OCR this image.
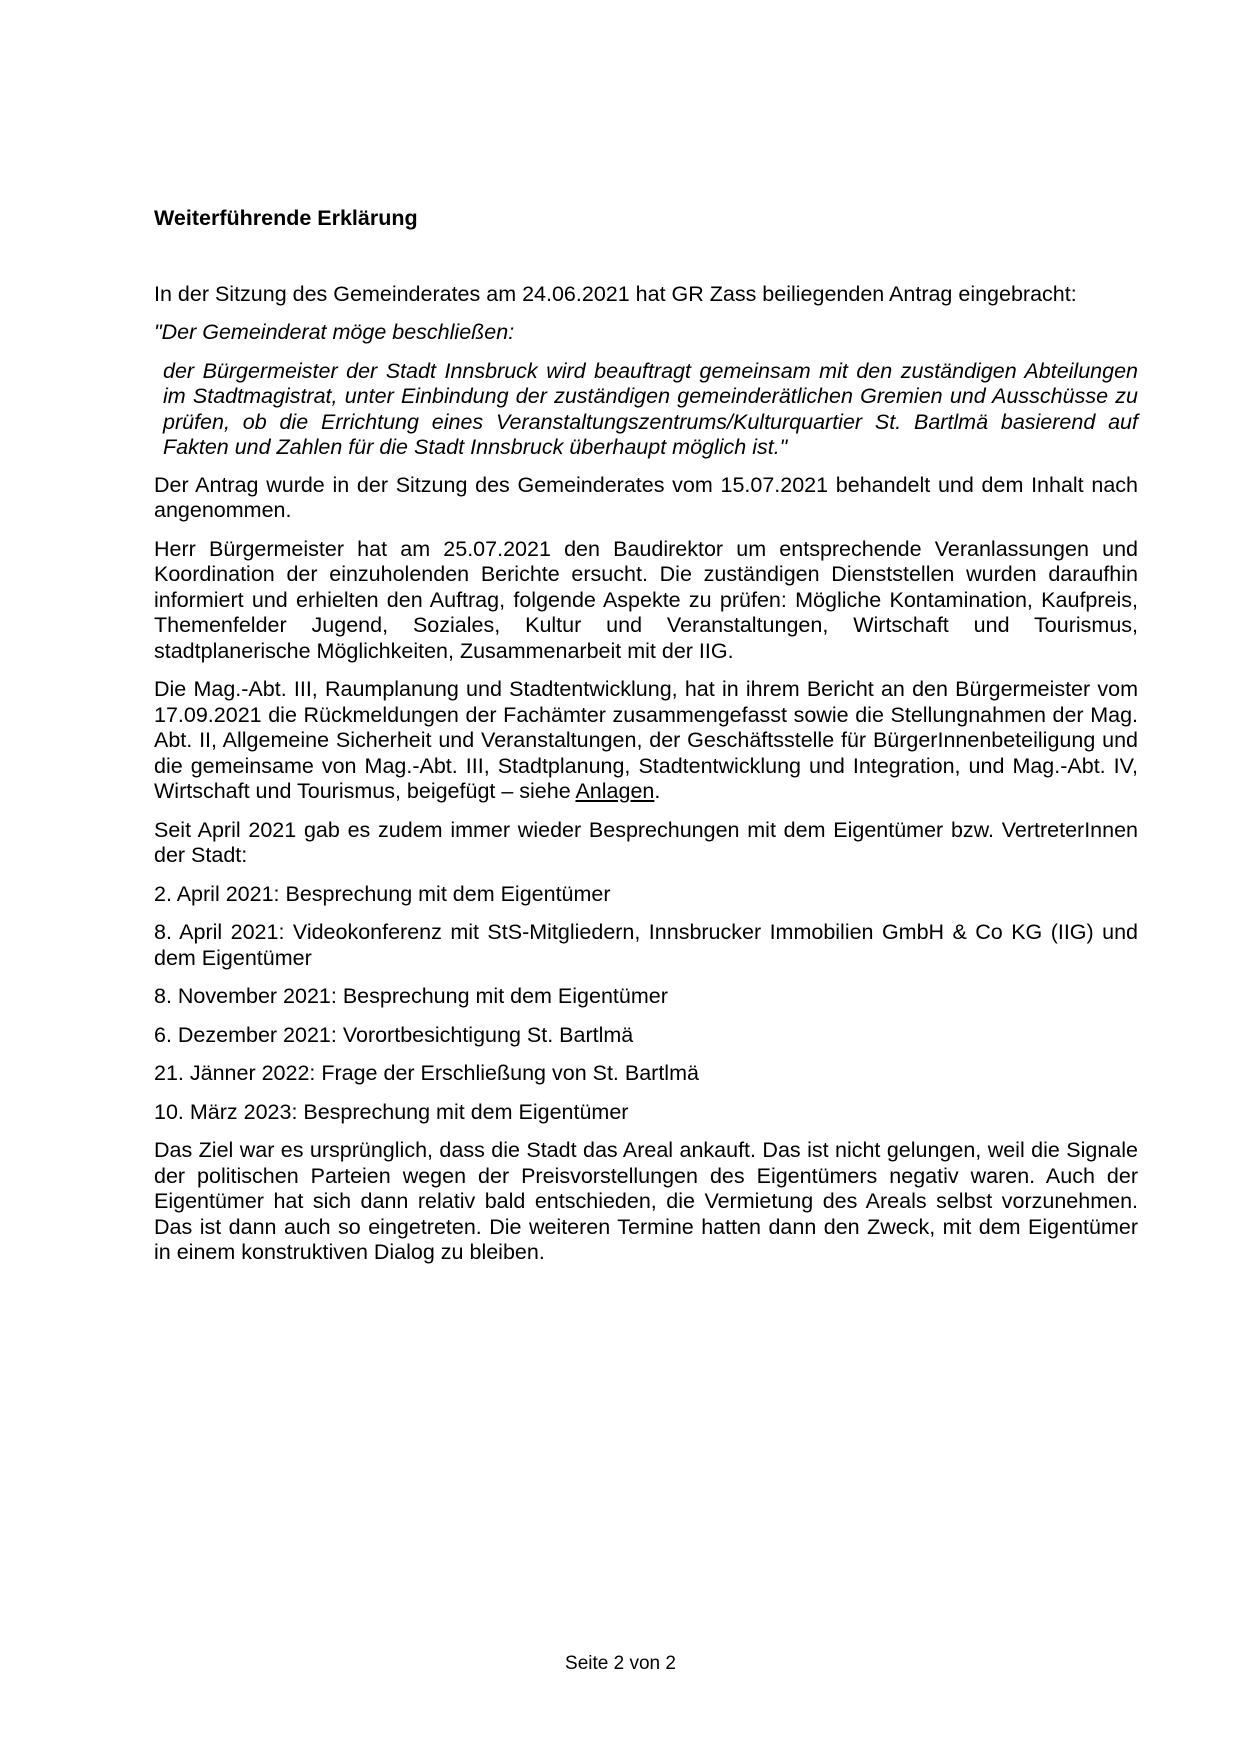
Weiterführende Erklärung

In der Sitzung des Gemeinderates am 24.06.2021 hat GR Zass beiliegenden Antrag eingebracht:

"Der Gemeinderat möge beschließen:
der Bürgermeister der Stadt Innsbruck wird beauftragt gemeinsam mit den zuständigen Abteilungen im Stadtmagistrat, unter Einbindung der zuständigen gemeinderätlichen Gremien und Ausschüsse zu prüfen, ob die Errichtung eines Veranstaltungszentrums/Kulturquartier St. Bartlmä basierend auf Fakten und Zahlen für die Stadt Innsbruck überhaupt möglich ist."

Der Antrag wurde in der Sitzung des Gemeinderates vom 15.07.2021 behandelt und dem Inhalt nach angenommen.

Herr Bürgermeister hat am 25.07.2021 den Baudirektor um entsprechende Veranlassungen und Koordination der einzuholenden Berichte ersucht. Die zuständigen Dienststellen wurden daraufhin informiert und erhielten den Auftrag, folgende Aspekte zu prüfen: Mögliche Kontamination, Kaufpreis, Themenfelder Jugend, Soziales, Kultur und Veranstaltungen, Wirtschaft und Tourismus, stadtplanerische Möglichkeiten, Zusammenarbeit mit der IIG.

Die Mag.-Abt. III, Raumplanung und Stadtentwicklung, hat in ihrem Bericht an den Bürgermeister vom 17.09.2021 die Rückmeldungen der Fachämter zusammengefasst sowie die Stellungnahmen der Mag. Abt. II, Allgemeine Sicherheit und Veranstaltungen, der Geschäftsstelle für BürgerInnenbeteiligung und die gemeinsame von Mag.-Abt. III, Stadtplanung, Stadtentwicklung und Integration, und Mag.-Abt. IV, Wirtschaft und Tourismus, beigefügt – siehe Anlagen.

Seit April 2021 gab es zudem immer wieder Besprechungen mit dem Eigentümer bzw. VertreterInnen der Stadt:

2. April 2021: Besprechung mit dem Eigentümer

8. April 2021: Videokonferenz mit StS-Mitgliedern, Innsbrucker Immobilien GmbH & Co KG (IIG) und dem Eigentümer

8. November 2021: Besprechung mit dem Eigentümer

6. Dezember 2021: Vorortbesichtigung St. Bartlmä

21. Jänner 2022: Frage der Erschließung von St. Bartlmä

10. März 2023: Besprechung mit dem Eigentümer

Das Ziel war es ursprünglich, dass die Stadt das Areal ankauft. Das ist nicht gelungen, weil die Signale der politischen Parteien wegen der Preisvorstellungen des Eigentümers negativ waren. Auch der Eigentümer hat sich dann relativ bald entschieden, die Vermietung des Areals selbst vorzunehmen. Das ist dann auch so eingetreten. Die weiteren Termine hatten dann den Zweck, mit dem Eigentümer in einem konstruktiven Dialog zu bleiben.

Seite 2 von 2
